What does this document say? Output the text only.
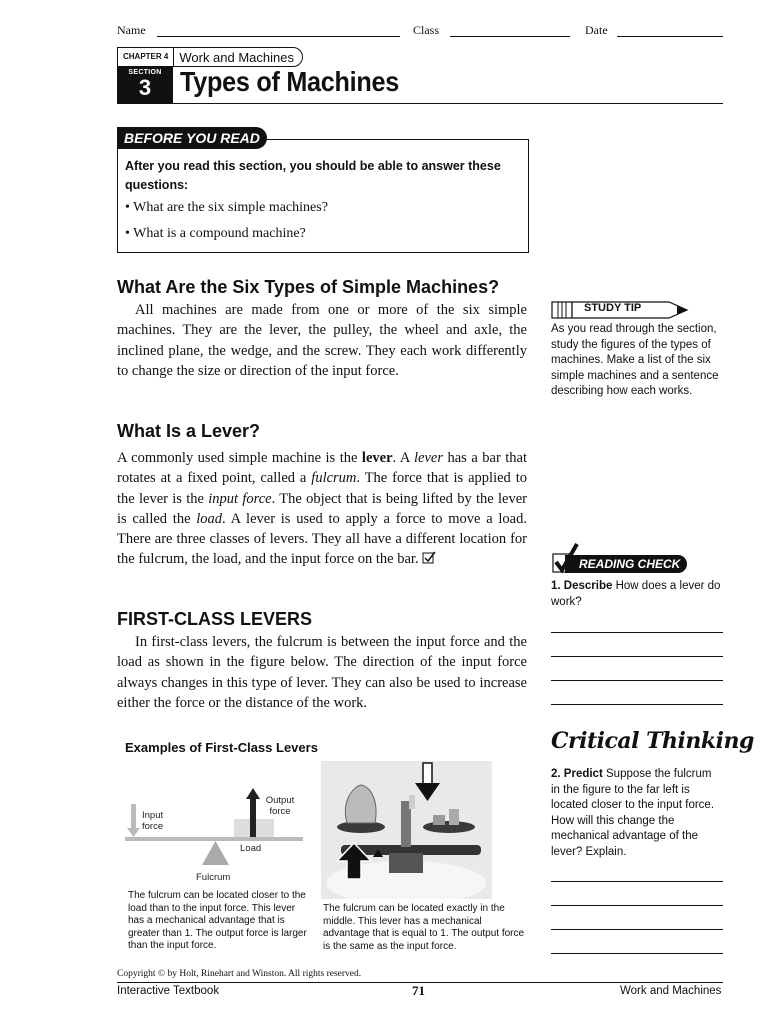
Name	Class	Date
CHAPTER 4 Work and Machines
SECTION
3	Types of Machines
BEFORE YOU READ
After you read this section, you should be able to answer these questions:
• What are the six simple machines?
• What is a compound machine?
What Are the Six Types of Simple Machines?
All machines are made from one or more of the six simple machines. They are the lever, the pulley, the wheel and axle, the inclined plane, the wedge, and the screw. They each work differently to change the size or direction of the input force.
STUDY TIP
As you read through the section, study the figures of the types of machines. Make a list of the six simple machines and a sentence describing how each works.
What Is a Lever?
A commonly used simple machine is the lever. A lever has a bar that rotates at a fixed point, called a fulcrum. The force that is applied to the lever is the input force. The object that is being lifted by the lever is called the load. A lever is used to apply a force to move a load. There are three classes of levers. They all have a different location for the fulcrum, the load, and the input force on the bar.	READING CHECK
1. Describe How does a lever do work?
FIRST-CLASS LEVERS
In first-class levers, the fulcrum is between the input force and the load as shown in the figure below. The direction of the input force always changes in this type of lever. They can also be used to increase either the force or the distance of the work.
Examples of First-Class Levers
Input force
Output force
Load
Fulcrum
The fulcrum can be located closer to the load than to the input force. This lever has a mechanical advantage that is greater than 1. The output force is larger than the input force.
The fulcrum can be located exactly in the middle. This lever has a mechanical advantage that is equal to 1. The output force is the same as the input force.
Critical Thinking
2. Predict Suppose the fulcrum in the figure to the far left is located closer to the input force. How will this change the mechanical advantage of the lever? Explain.
Copyright © by Holt, Rinehart and Winston. All rights reserved.
Interactive Textbook	71	Work and Machines
